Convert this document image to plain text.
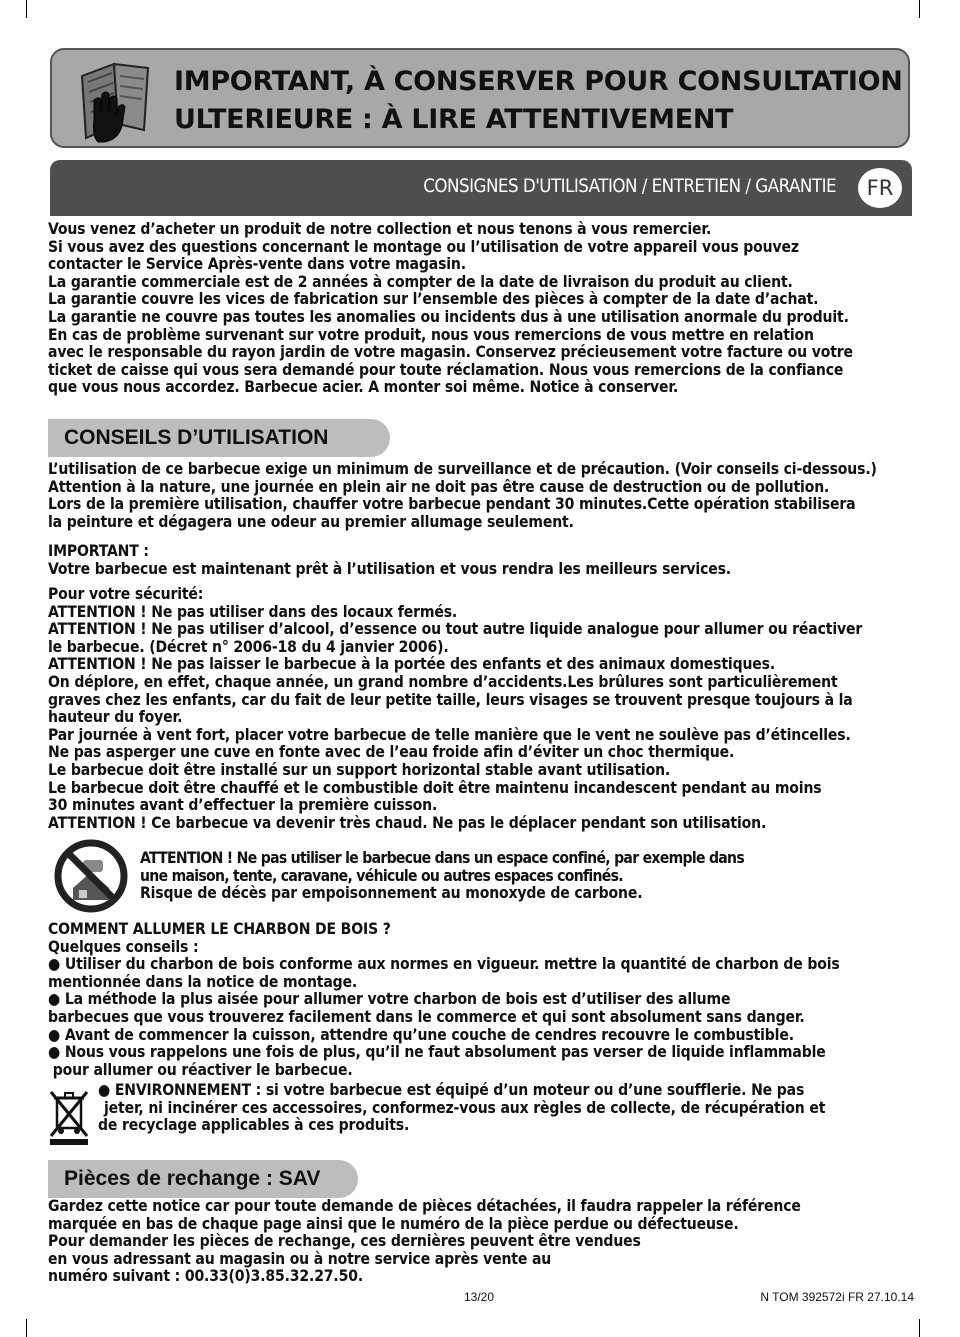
IMPORTANT, À CONSERVER POUR CONSULTATION
ULTERIEURE : À LIRE ATTENTIVEMENT
CONSIGNES D'UTILISATION / ENTRETIEN / GARANTIE	FR

Vous venez d’acheter un produit de notre collection et nous tenons à vous remercier.
Si vous avez des questions concernant le montage ou l’utilisation de votre appareil vous pouvez
contacter le Service Après-vente dans votre magasin.
La garantie commerciale est de 2 années à compter de la date de livraison du produit au client.
La garantie couvre les vices de fabrication sur l’ensemble des pièces à compter de la date d’achat.
La garantie ne couvre pas toutes les anomalies ou incidents dus à une utilisation anormale du produit.
En cas de problème survenant sur votre produit, nous vous remercions de vous mettre en relation
avec le responsable du rayon jardin de votre magasin. Conservez précieusement votre facture ou votre
ticket de caisse qui vous sera demandé pour toute réclamation. Nous vous remercions de la confiance
que vous nous accordez. Barbecue acier. A monter soi même. Notice à conserver.

CONSEILS D’UTILISATION

L’utilisation de ce barbecue exige un minimum de surveillance et de précaution. (Voir conseils ci-dessous.)
Attention à la nature, une journée en plein air ne doit pas être cause de destruction ou de pollution.
Lors de la première utilisation, chauffer votre barbecue pendant 30 minutes.Cette opération stabilisera
la peinture et dégagera une odeur au premier allumage seulement.

IMPORTANT :
Votre barbecue est maintenant prêt à l’utilisation et vous rendra les meilleurs services.

Pour votre sécurité:
ATTENTION ! Ne pas utiliser dans des locaux fermés.
ATTENTION ! Ne pas utiliser d’alcool, d’essence ou tout autre liquide analogue pour allumer ou réactiver
le barbecue. (Décret n° 2006-18 du 4 janvier 2006).
ATTENTION ! Ne pas laisser le barbecue à la portée des enfants et des animaux domestiques.
On déplore, en effet, chaque année, un grand nombre d’accidents.Les brûlures sont particulièrement
graves chez les enfants, car du fait de leur petite taille, leurs visages se trouvent presque toujours à la
hauteur du foyer.
Par journée à vent fort, placer votre barbecue de telle manière que le vent ne soulève pas d’étincelles.
Ne pas asperger une cuve en fonte avec de l’eau froide afin d’éviter un choc thermique.
Le barbecue doit être installé sur un support horizontal stable avant utilisation.
Le barbecue doit être chauffé et le combustible doit être maintenu incandescent pendant au moins
30 minutes avant d’effectuer la première cuisson.
ATTENTION ! Ce barbecue va devenir très chaud. Ne pas le déplacer pendant son utilisation.

ATTENTION ! Ne pas utiliser le barbecue dans un espace confiné, par exemple dans
une maison, tente, caravane, véhicule ou autres espaces confinés.
Risque de décès par empoisonnement au monoxyde de carbone.

COMMENT ALLUMER LE CHARBON DE BOIS ?
Quelques conseils :
● Utiliser du charbon de bois conforme aux normes en vigueur. mettre la quantité de charbon de bois
mentionnée dans la notice de montage.
● La méthode la plus aisée pour allumer votre charbon de bois est d’utiliser des allume
barbecues que vous trouverez facilement dans le commerce et qui sont absolument sans danger.
● Avant de commencer la cuisson, attendre qu’une couche de cendres recouvre le combustible.
● Nous vous rappelons une fois de plus, qu’il ne faut absolument pas verser de liquide inflammable
pour allumer ou réactiver le barbecue.

● ENVIRONNEMENT : si votre barbecue est équipé d’un moteur ou d’une soufflerie. Ne pas
jeter, ni incinérer ces accessoires, conformez-vous aux règles de collecte, de récupération et
de recyclage applicables à ces produits.

Pièces de rechange : SAV

Gardez cette notice car pour toute demande de pièces détachées, il faudra rappeler la référence
marquée en bas de chaque page ainsi que le numéro de la pièce perdue ou défectueuse.
Pour demander les pièces de rechange, ces dernières peuvent être vendues
en vous adressant au magasin ou à notre service après vente au
numéro suivant : 00.33(0)3.85.32.27.50.

13/20	N TOM 392572i FR 27.10.14
